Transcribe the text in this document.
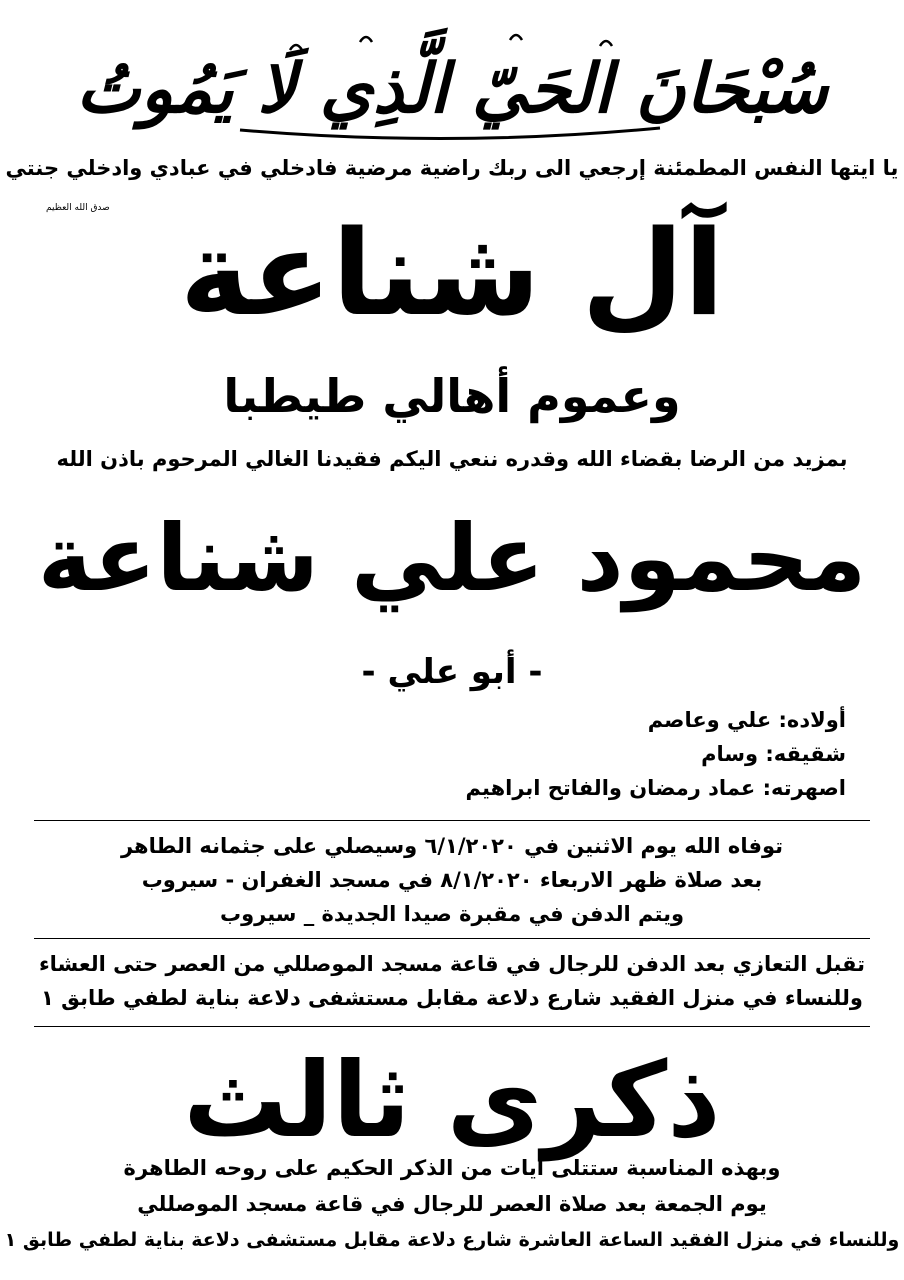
سُبْحَانَ الحَيّ الَّذِي لَا يَمُوتُ
يا ايتها النفس المطمئنة إرجعي الى ربك راضية مرضية فادخلي في عبادي وادخلي جنتي
صدق الله العظيم آل شناعة
وعموم أهالي طيطبا
بمزيد من الرضا بقضاء الله وقدره ننعي اليكم فقيدنا الغالي المرحوم باذن الله
محمود علي شناعة
- أبو علي -
أولاده: علي وعاصم
شقيقه: وسام
اصهرته: عماد رمضان والفاتح ابراهيم
توفاه الله يوم الاثنين في ٦/١/٢٠٢٠ وسيصلي على جثمانه الطاهر
بعد صلاة ظهر الاربعاء ٨/١/٢٠٢٠ في مسجد الغفران - سيروب
ويتم الدفن في مقبرة صيدا الجديدة _ سيروب
تقبل التعازي بعد الدفن للرجال في قاعة مسجد الموصللي من العصر حتى العشاء
وللنساء في منزل الفقيد شارع دلاعة مقابل مستشفى دلاعة بناية لطفي طابق ١
ذكرى ثالث
وبهذه المناسبة ستتلى ايات من الذكر الحكيم على روحه الطاهرة
يوم الجمعة بعد صلاة العصر للرجال في قاعة مسجد الموصللي
وللنساء في منزل الفقيد الساعة العاشرة شارع دلاعة مقابل مستشفى دلاعة بناية لطفي طابق ١
